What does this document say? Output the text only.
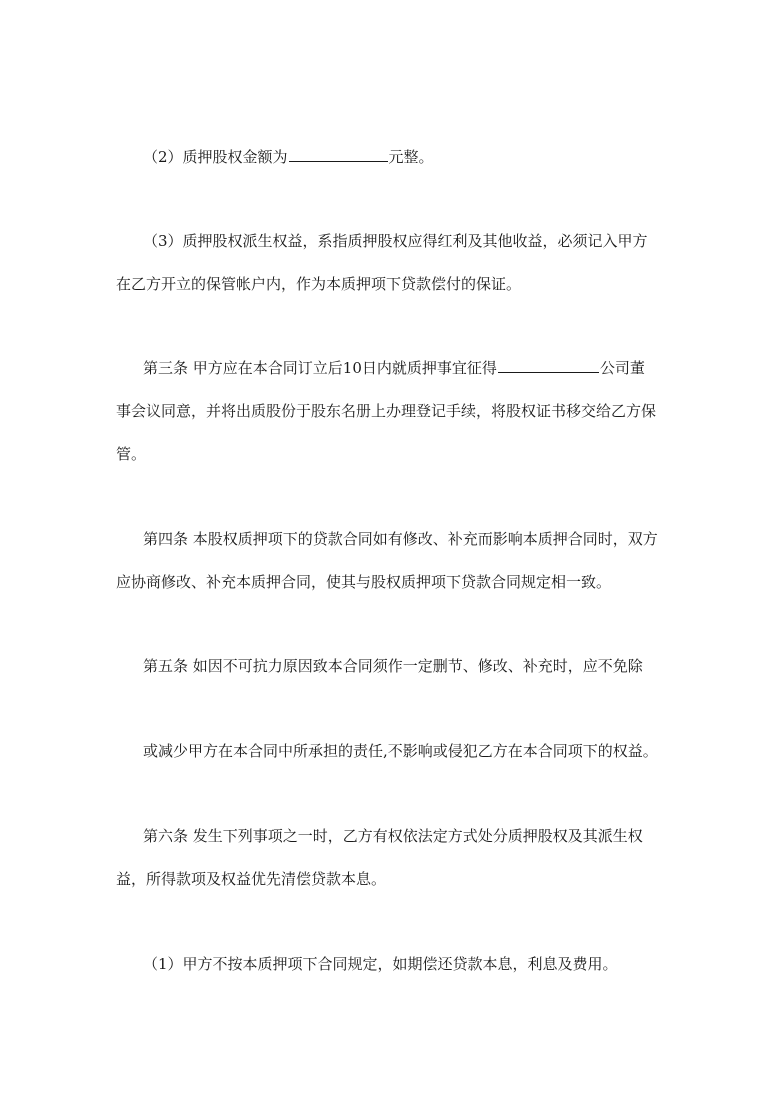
（2）质押股权金额为	元整。
（3）质押股权派生权益，系指质押股权应得红利及其他收益，必须记入甲方
在乙方开立的保管帐户内，作为本质押项下贷款偿付的保证。
第三条 甲方应在本合同订立后10日内就质押事宜征得	公司董
事会议同意，并将出质股份于股东名册上办理登记手续，将股权证书移交给乙方保
管。
第四条 本股权质押项下的贷款合同如有修改、补充而影响本质押合同时，双方
应协商修改、补充本质押合同，使其与股权质押项下贷款合同规定相一致。
第五条 如因不可抗力原因致本合同须作一定删节、修改、补充时，应不免除
或减少甲方在本合同中所承担的责任,不影响或侵犯乙方在本合同项下的权益。
第六条 发生下列事项之一时，乙方有权依法定方式处分质押股权及其派生权
益，所得款项及权益优先清偿贷款本息。
（1）甲方不按本质押项下合同规定，如期偿还贷款本息，利息及费用。
